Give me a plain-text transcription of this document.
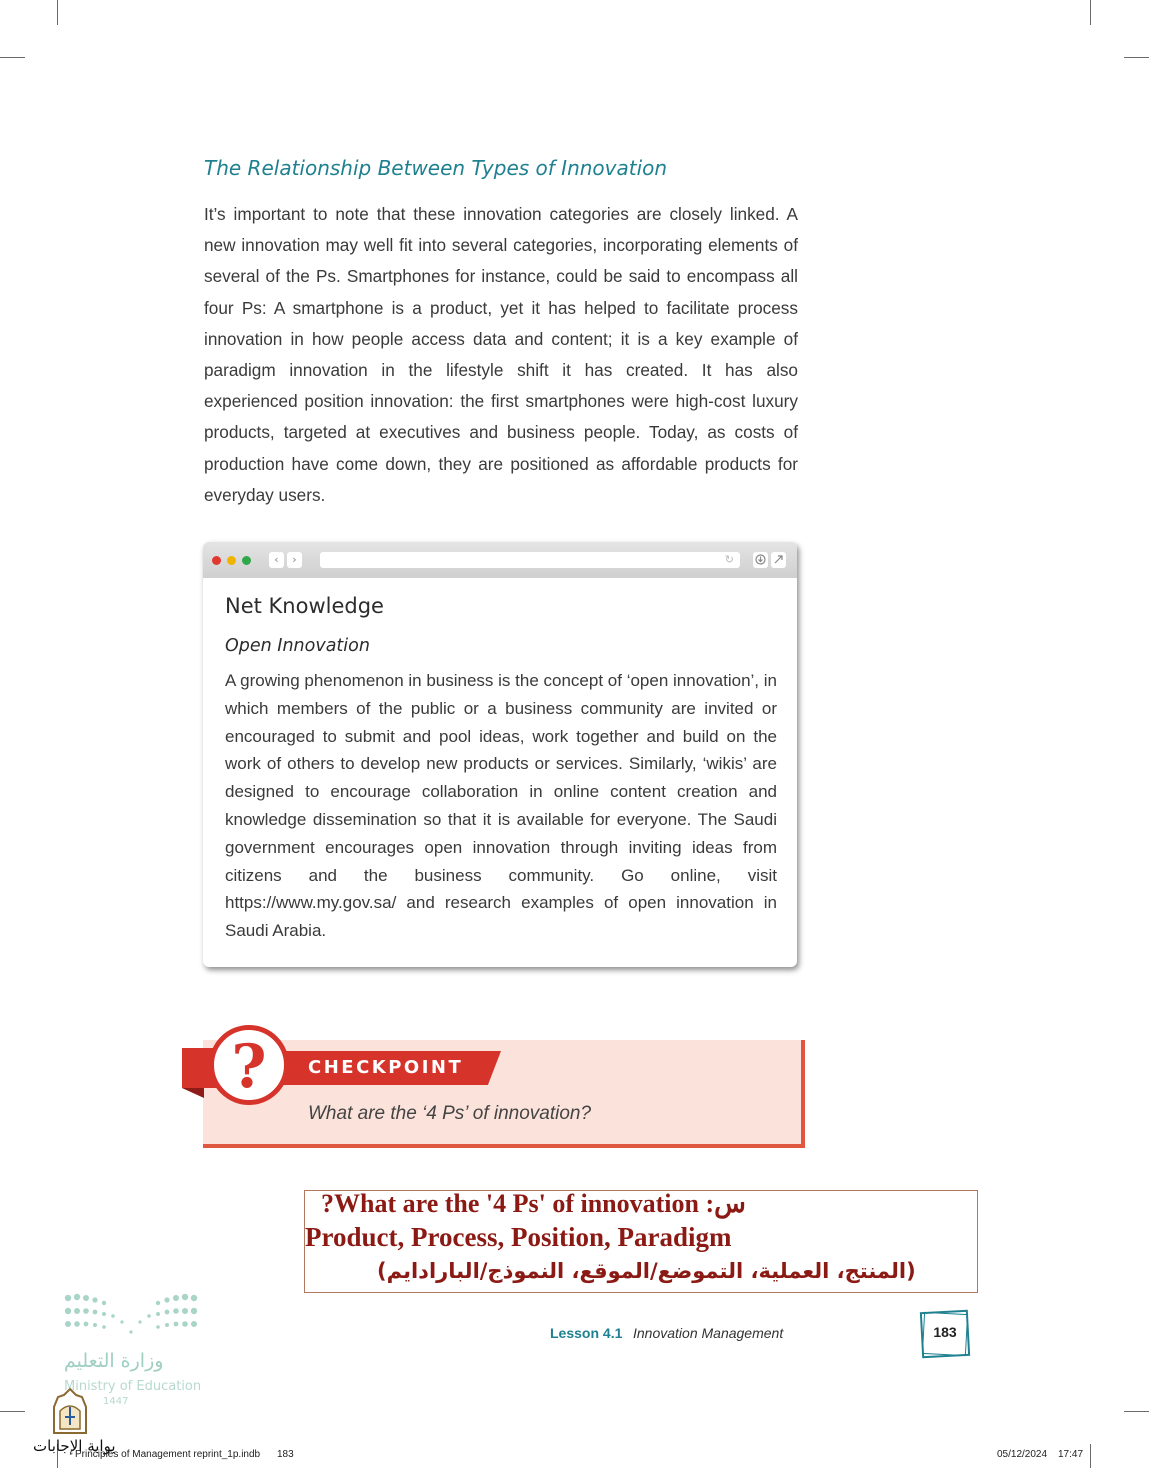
The Relationship Between Types of Innovation
It’s important to note that these innovation categories are closely linked. A new innovation may well fit into several categories, incorporating elements of several of the Ps. Smartphones for instance, could be said to encompass all four Ps: A smartphone is a product, yet it has helped to facilitate process innovation in how people access data and content; it is a key example of paradigm innovation in the lifestyle shift it has created. It has also experienced position innovation: the first smartphones were high-cost luxury products, targeted at executives and business people. Today, as costs of production have come down, they are positioned as affordable products for everyday users.
‹	›	↻
Net Knowledge
Open Innovation
A growing phenomenon in business is the concept of ‘open innovation’, in which members of the public or a business community are invited or encouraged to submit and pool ideas, work together and build on the work of others to develop new products or services. Similarly, ‘wikis’ are designed to encourage collaboration in online content creation and knowledge dissemination so that it is available for everyone. The Saudi government encourages open innovation through inviting ideas from citizens and the business community. Go online, visit https://www.my.gov.sa/ and research examples of open innovation in Saudi Arabia.
CHECKPOINT
?
What are the ‘4 Ps’ of innovation?
?What are the '4 Ps' of innovation :س
Product, Process, Position, Paradigm
(المنتج، العملية، التموضع/الموقع، النموذج/البارادايم)
وزارة التعليم
Ministry of Education
1447
بوابة الإجابات
Lesson 4.1 Innovation Management	183
Principles of Management reprint_1p.indb 183	05/12/2024 17:47
